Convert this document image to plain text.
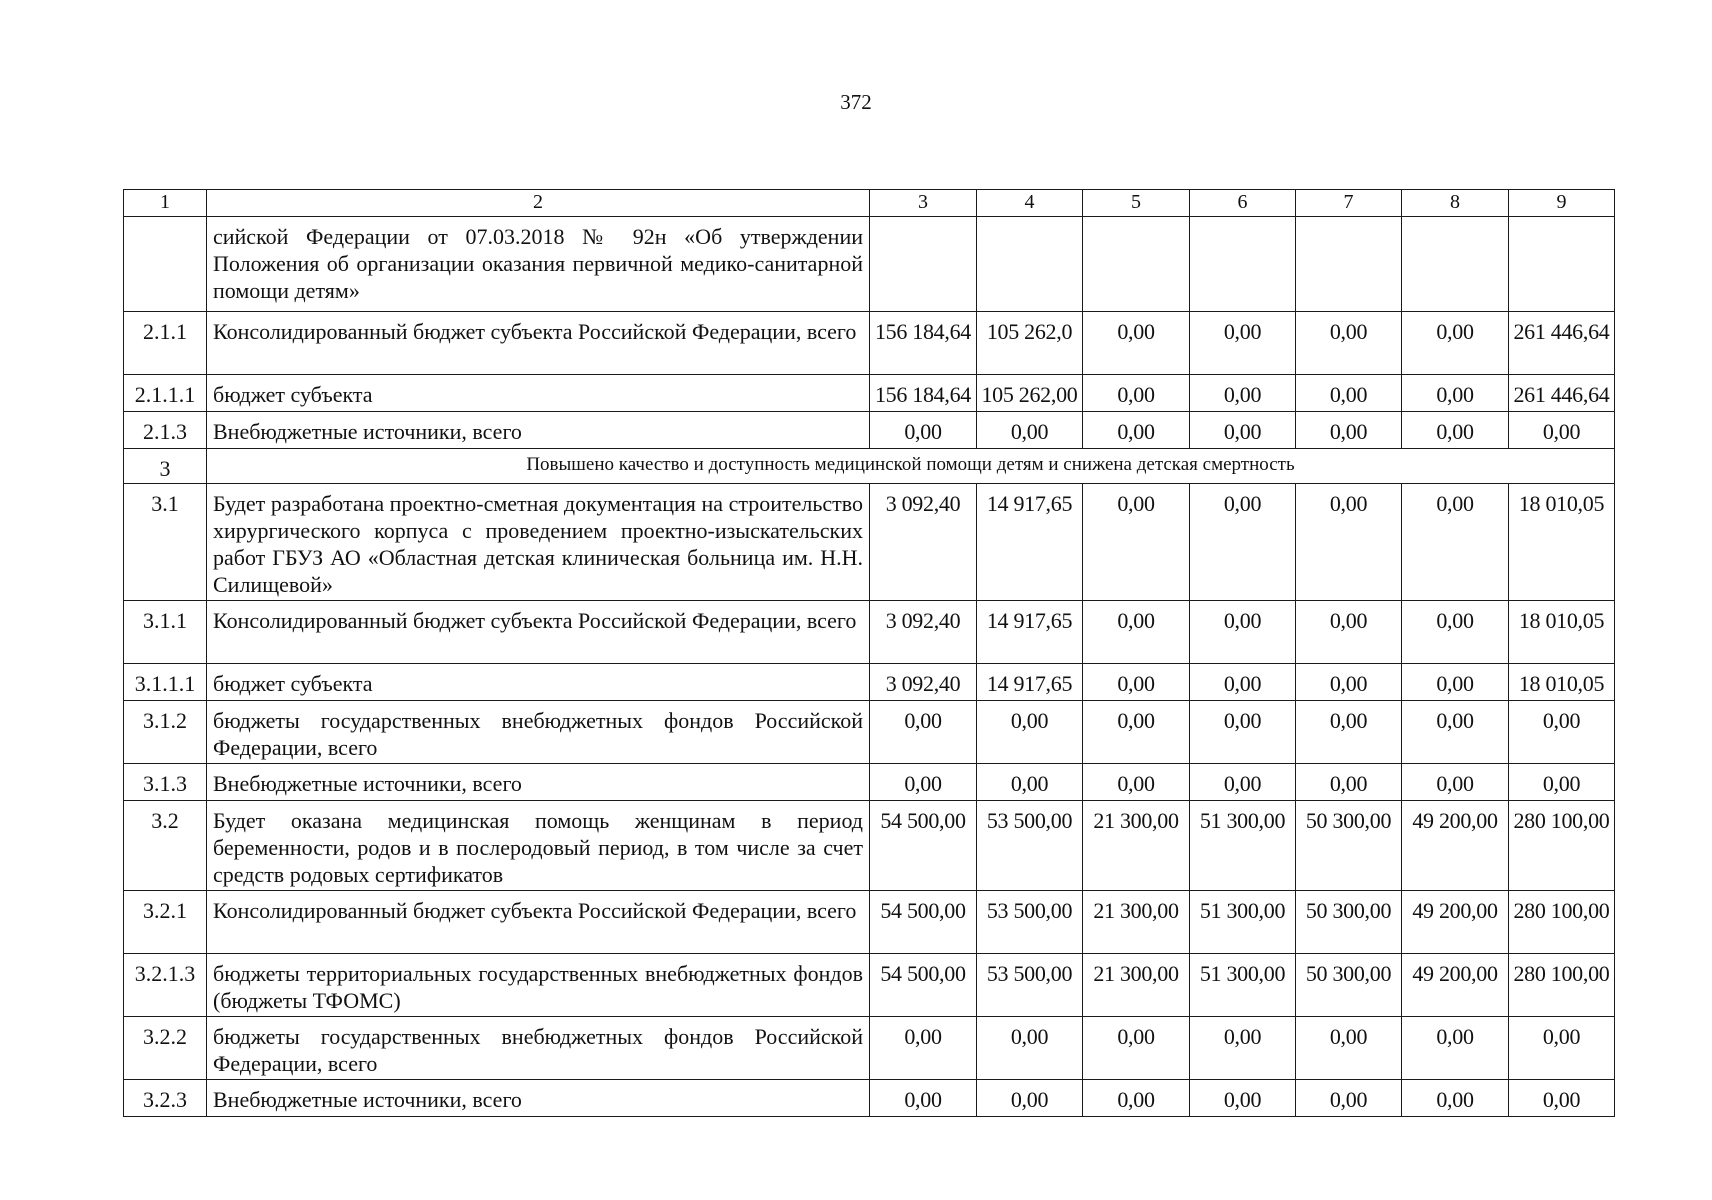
372
1	2	3	4	5	6	7	8	9
	сийской Федерации от 07.03.2018 № 92н «Об утверждении Положения об организации оказания первичной медико-санитарной помощи детям»							
2.1.1	Консолидированный бюджет субъекта Российской Федерации, всего	156 184,64	105 262,0	0,00	0,00	0,00	0,00	261 446,64
2.1.1.1	бюджет субъекта	156 184,64	105 262,00	0,00	0,00	0,00	0,00	261 446,64
2.1.3	Внебюджетные источники, всего	0,00	0,00	0,00	0,00	0,00	0,00	0,00
3	Повышено качество и доступность медицинской помощи детям и снижена детская смертность							
3.1	Будет разработана проектно-сметная документация на строительство хирургического корпуса с проведением проектно-изыскательских работ ГБУЗ АО «Областная детская клиническая больница им. Н.Н. Силищевой»	3 092,40	14 917,65	0,00	0,00	0,00	0,00	18 010,05
3.1.1	Консолидированный бюджет субъекта Российской Федерации, всего	3 092,40	14 917,65	0,00	0,00	0,00	0,00	18 010,05
3.1.1.1	бюджет субъекта	3 092,40	14 917,65	0,00	0,00	0,00	0,00	18 010,05
3.1.2	бюджеты государственных внебюджетных фондов Российской Федерации, всего	0,00	0,00	0,00	0,00	0,00	0,00	0,00
3.1.3	Внебюджетные источники, всего	0,00	0,00	0,00	0,00	0,00	0,00	0,00
3.2	Будет оказана медицинская помощь женщинам в период беременности, родов и в послеродовый период, в том числе за счет средств родовых сертификатов	54 500,00	53 500,00	21 300,00	51 300,00	50 300,00	49 200,00	280 100,00
3.2.1	Консолидированный бюджет субъекта Российской Федерации, всего	54 500,00	53 500,00	21 300,00	51 300,00	50 300,00	49 200,00	280 100,00
3.2.1.3	бюджеты территориальных государственных внебюджетных фондов (бюджеты ТФОМС)	54 500,00	53 500,00	21 300,00	51 300,00	50 300,00	49 200,00	280 100,00
3.2.2	бюджеты государственных внебюджетных фондов Российской Федерации, всего	0,00	0,00	0,00	0,00	0,00	0,00	0,00
3.2.3	Внебюджетные источники, всего	0,00	0,00	0,00	0,00	0,00	0,00	0,00
